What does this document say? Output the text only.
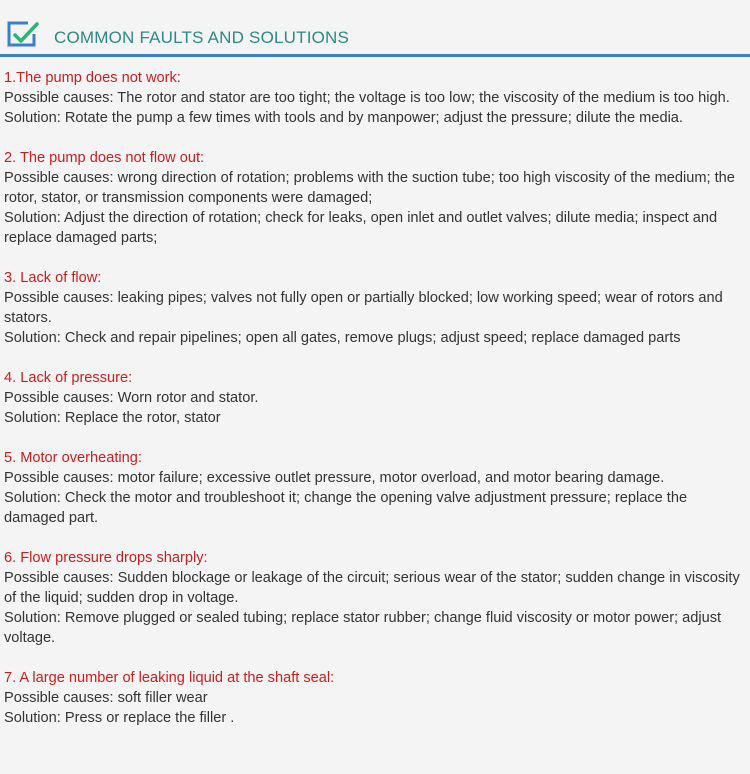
COMMON FAULTS AND SOLUTIONS

1.The pump does not work:

Possible causes: The rotor and stator are too tight; the voltage is too low; the viscosity of the medium is too high.

Solution: Rotate the pump a few times with tools and by manpower; adjust the pressure; dilute the media.

2. The pump does not flow out:

Possible causes: wrong direction of rotation; problems with the suction tube; too high viscosity of the medium; the rotor, stator, or transmission components were damaged;

Solution: Adjust the direction of rotation; check for leaks, open inlet and outlet valves; dilute media; inspect and replace damaged parts;

3. Lack of flow:

Possible causes: leaking pipes; valves not fully open or partially blocked; low working speed; wear of rotors and stators.

Solution: Check and repair pipelines; open all gates, remove plugs; adjust speed; replace damaged parts

4. Lack of pressure:

Possible causes: Worn rotor and stator.

Solution: Replace the rotor, stator

5. Motor overheating:

Possible causes: motor failure; excessive outlet pressure, motor overload, and motor bearing damage.

Solution: Check the motor and troubleshoot it; change the opening valve adjustment pressure; replace the damaged part.

6. Flow pressure drops sharply:

Possible causes: Sudden blockage or leakage of the circuit; serious wear of the stator; sudden change in viscosity of the liquid; sudden drop in voltage.

Solution: Remove plugged or sealed tubing; replace stator rubber; change fluid viscosity or motor power; adjust voltage.

7. A large number of leaking liquid at the shaft seal:

Possible causes: soft filler wear

Solution: Press or replace the filler .
